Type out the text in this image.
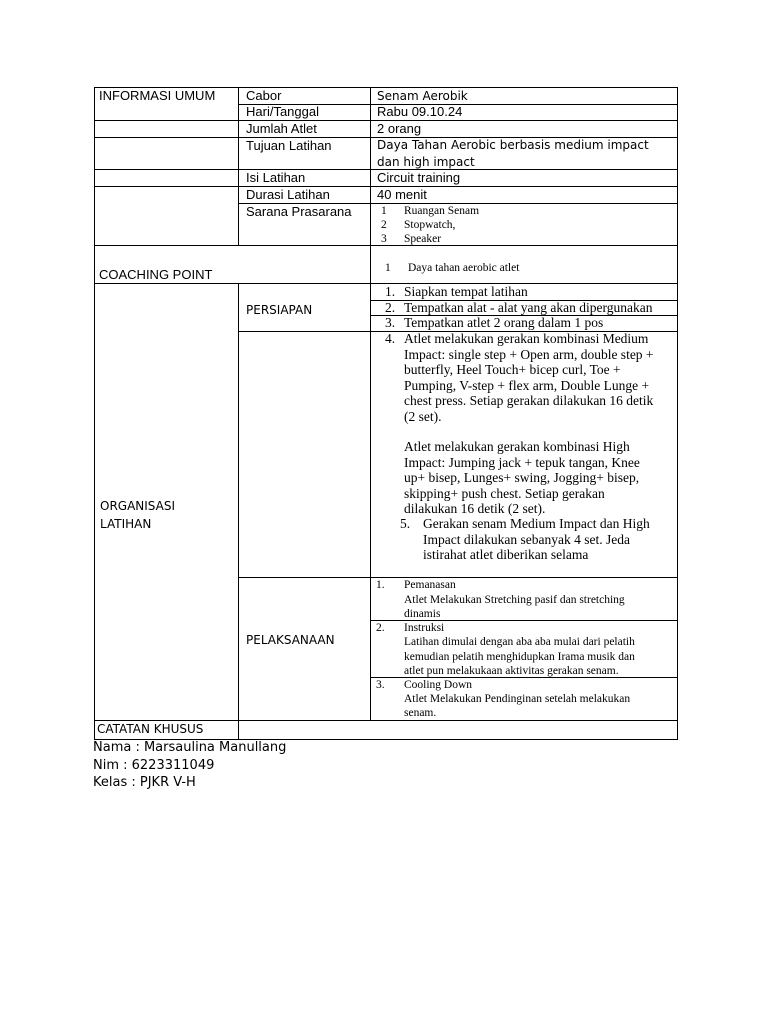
INFORMASI UMUM Cabor
Hari/Tanggal
Jumlah Atlet
Tujuan Latihan
Isi Latihan
Durasi Latihan
Sarana Prasarana
Senam Aerobik
Rabu 09.10.24
2 orang
Daya Tahan Aerobic berbasis medium impact dan high impact
Circuit training
40 menit
1 Ruangan Senam
2 Stopwatch,
3 Speaker
COACHING POINT	1 Daya tahan aerobic atlet
ORGANISASI
LATIHAN
PERSIAPAN
1. Siapkan tempat latihan
2. Tempatkan alat - alat yang akan dipergunakan
3. Tempatkan atlet 2 orang dalam 1 pos
4. Atlet melakukan gerakan kombinasi Medium
Impact: single step + Open arm, double step +
butterfly, Heel Touch+ bicep curl, Toe +
Pumping, V-step + flex arm, Double Lunge +
chest press. Setiap gerakan dilakukan 16 detik
(2 set).
Atlet melakukan gerakan kombinasi High
Impact: Jumping jack + tepuk tangan, Knee
up+ bisep, Lunges+ swing, Jogging+ bisep,
skipping+ push chest. Setiap gerakan
dilakukan 16 detik (2 set).
5. Gerakan senam Medium Impact dan High
Impact dilakukan sebanyak 4 set. Jeda
istirahat atlet diberikan selama
PELAKSANAAN
1. Pemanasan
Atlet Melakukan Stretching pasif dan stretching
dinamis
2. Instruksi
Latihan dimulai dengan aba aba mulai dari pelatih
kemudian pelatih menghidupkan Irama musik dan
atlet pun melakukaan aktivitas gerakan senam.
3. Cooling Down
Atlet Melakukan Pendinginan setelah melakukan
senam.
CATATAN KHUSUS
Nama : Marsaulina Manullang
Nim : 6223311049
Kelas : PJKR V-H
